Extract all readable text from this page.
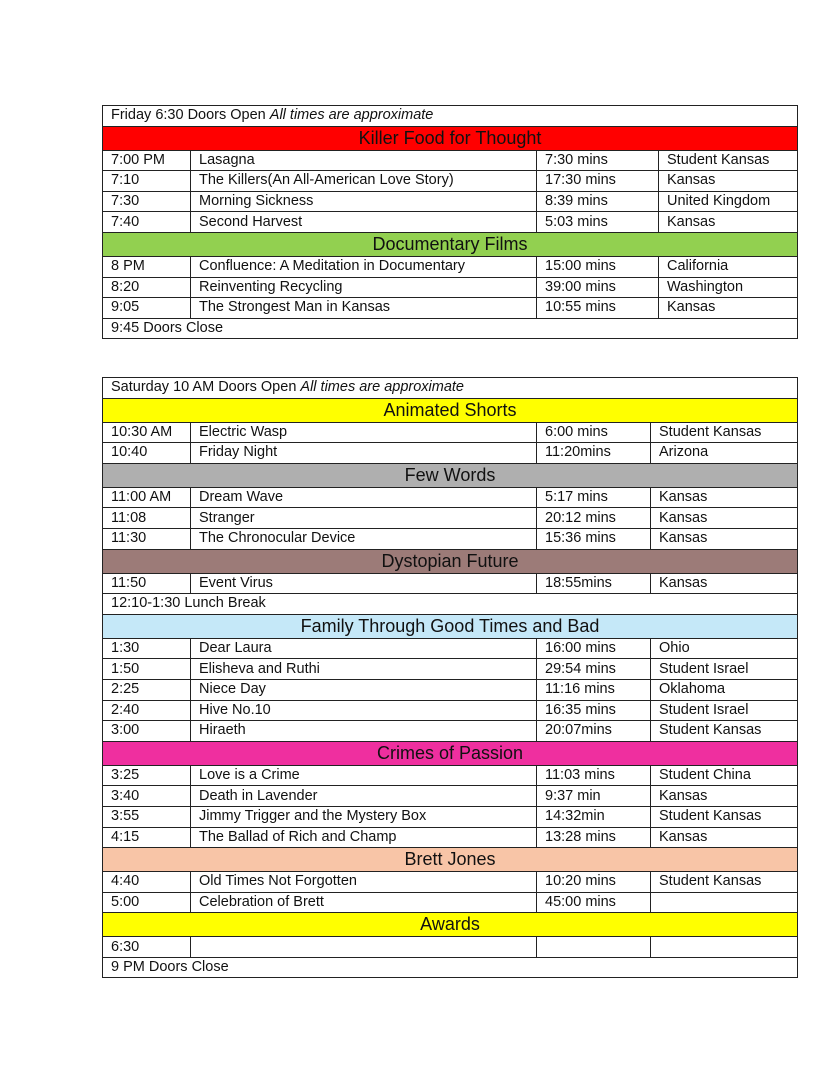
Friday 6:30 Doors Open All times are approximate			
Killer Food for Thought			
7:00 PM	Lasagna	7:30 mins	Student Kansas
7:10	The Killers(An All-American Love Story)	17:30 mins	Kansas
7:30	Morning Sickness	8:39 mins	United Kingdom
7:40	Second Harvest	5:03 mins	Kansas
Documentary Films			
8 PM	Confluence: A Meditation in Documentary	15:00 mins	California
8:20	Reinventing Recycling	39:00 mins	Washington
9:05	The Strongest Man in Kansas	10:55 mins	Kansas
9:45 Doors Close			
Saturday 10 AM Doors Open All times are approximate			
Animated Shorts			
10:30 AM	Electric Wasp	6:00 mins	Student Kansas
10:40	Friday Night	11:20mins	Arizona
Few Words			
11:00 AM	Dream Wave	5:17 mins	Kansas
11:08	Stranger	20:12 mins	Kansas
11:30	The Chronocular Device	15:36 mins	Kansas
Dystopian Future			
11:50	Event Virus	18:55mins	Kansas
12:10-1:30 Lunch Break			
Family Through Good Times and Bad			
1:30	Dear Laura	16:00 mins	Ohio
1:50	Elisheva and Ruthi	29:54 mins	Student Israel
2:25	Niece Day	11:16 mins	Oklahoma
2:40	Hive No.10	16:35 mins	Student Israel
3:00	Hiraeth	20:07mins	Student Kansas
Crimes of Passion			
3:25	Love is a Crime	11:03 mins	Student China
3:40	Death in Lavender	9:37 min	Kansas
3:55	Jimmy Trigger and the Mystery Box	14:32min	Student Kansas
4:15	The Ballad of Rich and Champ	13:28 mins	Kansas
Brett Jones			
4:40	Old Times Not Forgotten	10:20 mins	Student Kansas
5:00	Celebration of Brett	45:00 mins	
Awards			
6:30			
9 PM Doors Close			
